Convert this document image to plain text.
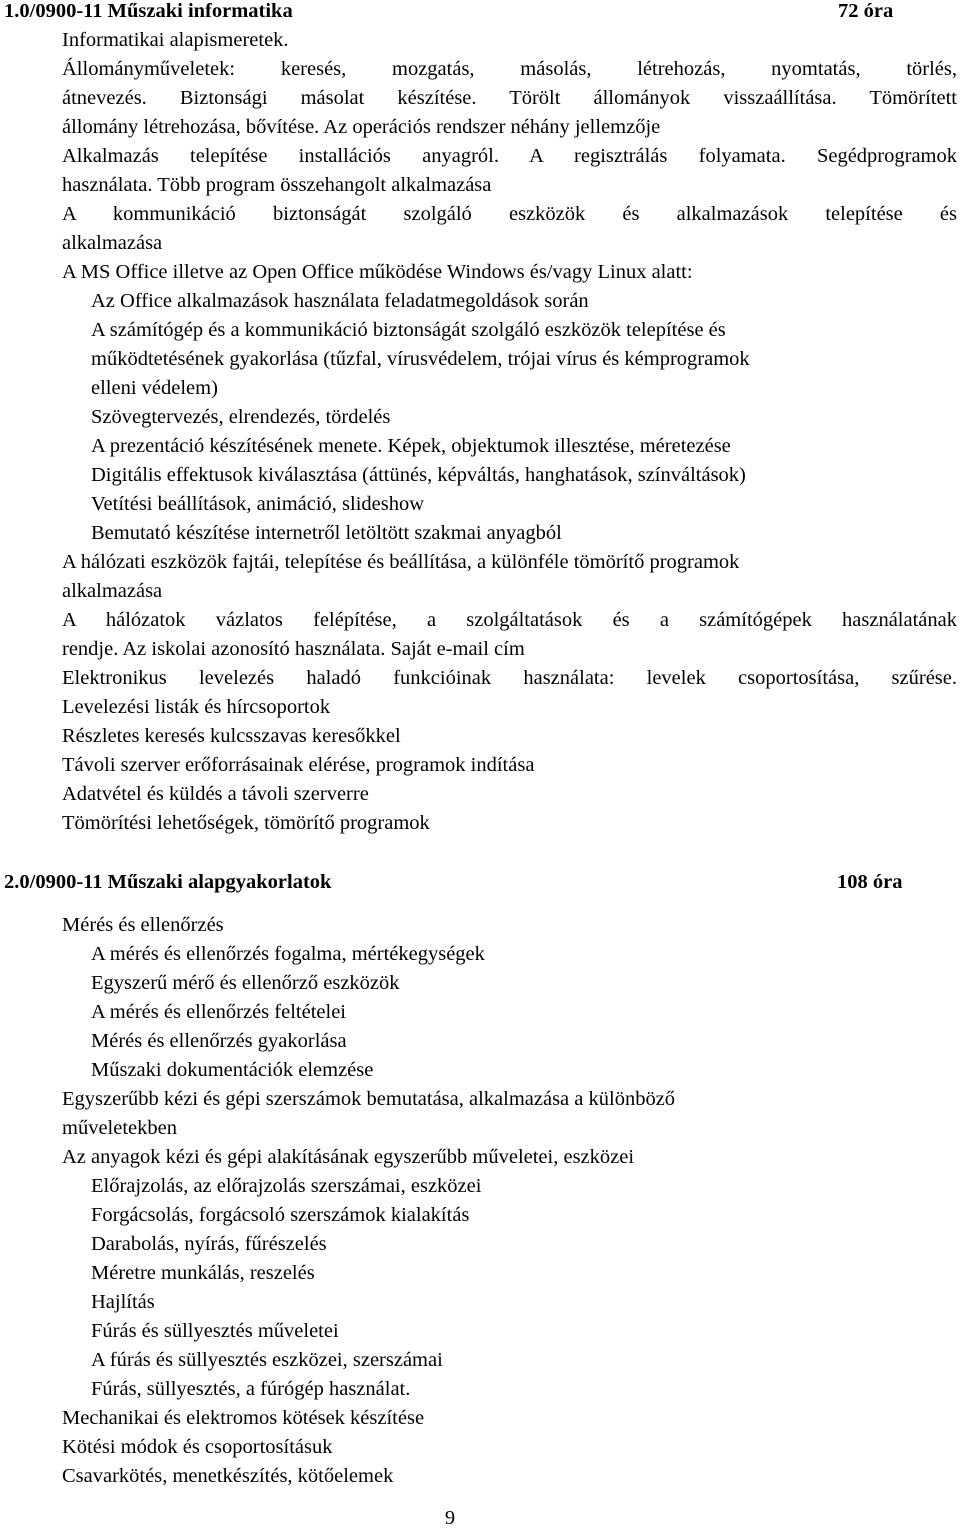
1.0/0900-11 Műszaki informatika	72 óra
Informatikai alapismeretek.
Állományműveletek: keresés, mozgatás, másolás, létrehozás, nyomtatás, törlés,
átnevezés. Biztonsági másolat készítése. Törölt állományok visszaállítása. Tömörített
állomány létrehozása, bővítése. Az operációs rendszer néhány jellemzője
Alkalmazás telepítése installációs anyagról. A regisztrálás folyamata. Segédprogramok
használata. Több program összehangolt alkalmazása
A kommunikáció biztonságát szolgáló eszközök és alkalmazások telepítése és
alkalmazása
A MS Office illetve az Open Office működése Windows és/vagy Linux alatt:
Az Office alkalmazások használata feladatmegoldások során
A számítógép és a kommunikáció biztonságát szolgáló eszközök telepítése és
működtetésének gyakorlása (tűzfal, vírusvédelem, trójai vírus és kémprogramok
elleni védelem)
Szövegtervezés, elrendezés, tördelés
A prezentáció készítésének menete. Képek, objektumok illesztése, méretezése
Digitális effektusok kiválasztása (áttünés, képváltás, hanghatások, színváltások)
Vetítési beállítások, animáció, slideshow
Bemutató készítése internetről letöltött szakmai anyagból
A hálózati eszközök fajtái, telepítése és beállítása, a különféle tömörítő programok
alkalmazása
A hálózatok vázlatos felépítése, a szolgáltatások és a számítógépek használatának
rendje. Az iskolai azonosító használata. Saját e-mail cím
Elektronikus levelezés haladó funkcióinak használata: levelek csoportosítása, szűrése.
Levelezési listák és hírcsoportok
Részletes keresés kulcsszavas keresőkkel
Távoli szerver erőforrásainak elérése, programok indítása
Adatvétel és küldés a távoli szerverre
Tömörítési lehetőségek, tömörítő programok
2.0/0900-11 Műszaki alapgyakorlatok	108 óra
Mérés és ellenőrzés
A mérés és ellenőrzés fogalma, mértékegységek
Egyszerű mérő és ellenőrző eszközök
A mérés és ellenőrzés feltételei
Mérés és ellenőrzés gyakorlása
Műszaki dokumentációk elemzése
Egyszerűbb kézi és gépi szerszámok bemutatása, alkalmazása a különböző
műveletekben
Az anyagok kézi és gépi alakításának egyszerűbb műveletei, eszközei
Előrajzolás, az előrajzolás szerszámai, eszközei
Forgácsolás, forgácsoló szerszámok kialakítás
Darabolás, nyírás, fűrészelés
Méretre munkálás, reszelés
Hajlítás
Fúrás és süllyesztés műveletei
A fúrás és süllyesztés eszközei, szerszámai
Fúrás, süllyesztés, a fúrógép használat.
Mechanikai és elektromos kötések készítése
Kötési módok és csoportosításuk
Csavarkötés, menetkészítés, kötőelemek
9
